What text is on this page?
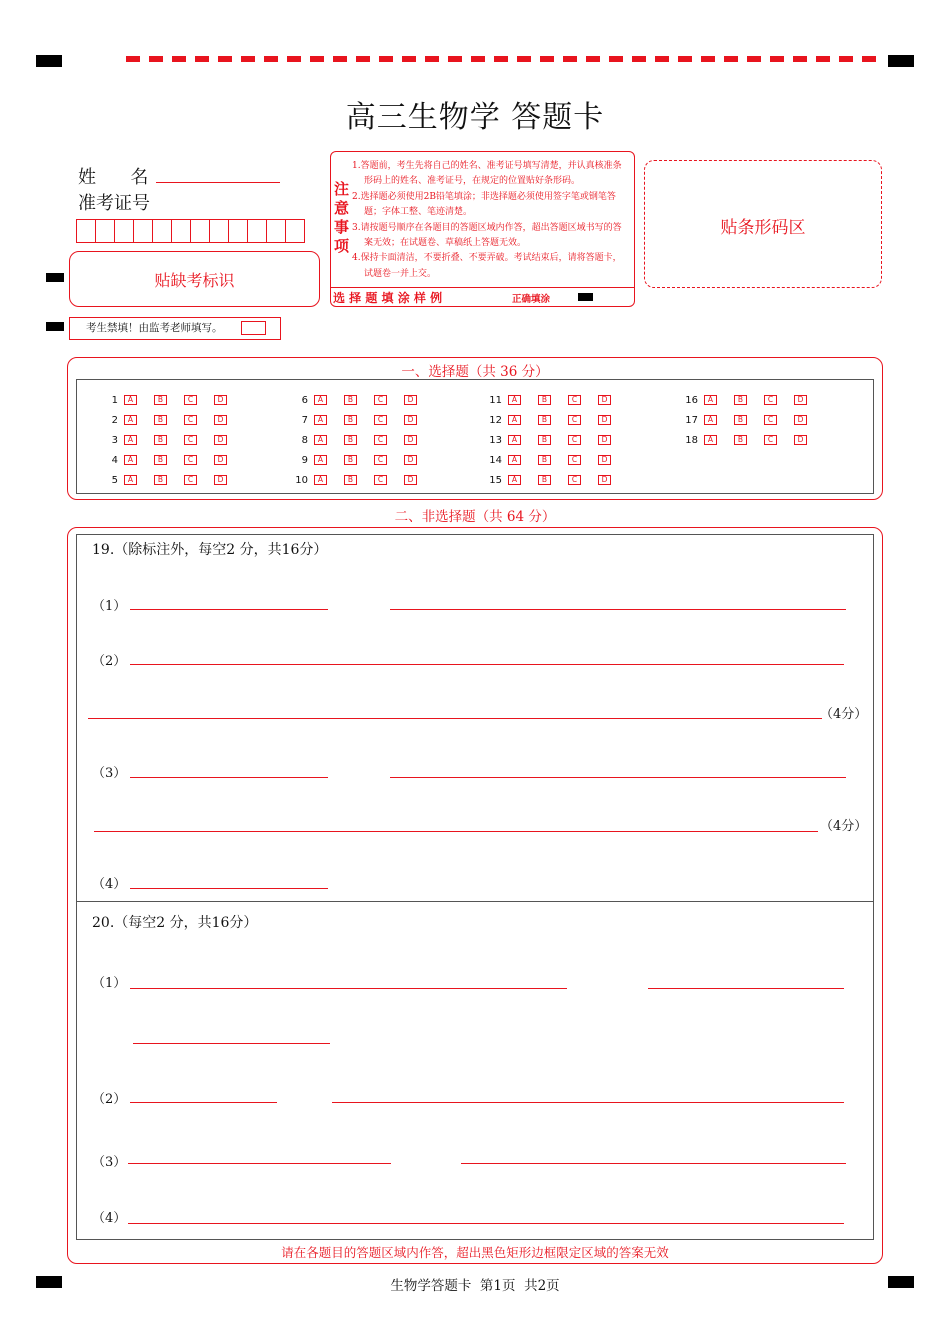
高三生物学 答题卡
姓      名
准考证号
贴缺考标识
注意事项
1.答题前，考生先将自己的姓名、准考证号填写清楚，并认真核准条形码上的姓名、准考证号，在规定的位置贴好条形码。
2.选择题必须使用2B铅笔填涂；非选择题必须使用签字笔或钢笔答题；字体工整、笔迹清楚。
3.请按题号顺序在各题目的答题区域内作答，超出答题区域书写的答案无效；在试题卷、草稿纸上答题无效。
4.保持卡面清洁，不要折叠、不要弄破。考试结束后，请将答题卡，试题卷一并上交。
选 择 题 填 涂 样 例	正确填涂
贴条形码区
考生禁填！由监考老师填写。
一、选择题（共 36 分）
1	A	B	C	D
2	A	B	C	D
3	A	B	C	D
4	A	B	C	D
5	A	B	C	D
6	A	B	C	D
7	A	B	C	D
8	A	B	C	D
9	A	B	C	D
10	A	B	C	D
11	A	B	C	D
12	A	B	C	D
13	A	B	C	D
14	A	B	C	D
15	A	B	C	D
16	A	B	C	D
17	A	B	C	D
18	A	B	C	D
二、非选择题（共 64 分）
19.（除标注外，每空2 分，共16分）
（1）
（2）
（4分）
（3）
（4分）
（4）
20.（每空2 分，共16分）
（1）
（2）
（3）
（4）
请在各题目的答题区域内作答，超出黑色矩形边框限定区域的答案无效
生物学答题卡  第1页  共2页
